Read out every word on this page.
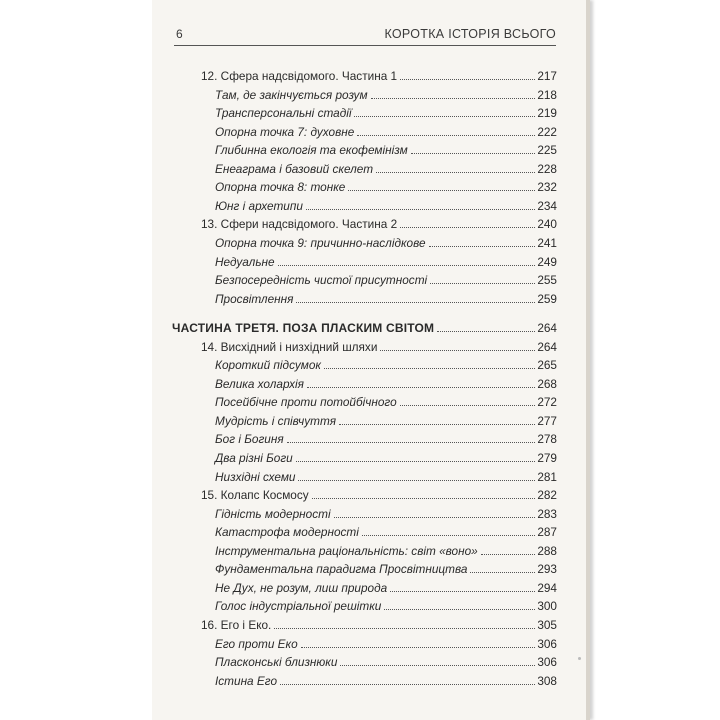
6	КОРОТКА ІСТОРІЯ ВСЬОГО
12. Сфера надсвідомого. Частина 1	217
Там, де закінчується розум	218
Трансперсональні стадії	219
Опорна точка 7: духовне	222
Глибинна екологія та екофемінізм	225
Енеаграма і базовий скелет	228
Опорна точка 8: тонке	232
Юнг і архетипи	234
13. Сфери надсвідомого. Частина 2	240
Опорна точка 9: причинно-наслідкове	241
Недуальне	249
Безпосередність чистої присутності	255
Просвітлення	259
ЧАСТИНА ТРЕТЯ. ПОЗА ПЛАСКИМ СВІТОМ	264
14. Висхідний і низхідний шляхи	264
Короткий підсумок	265
Велика холархія	268
Посейбічне проти потойбічного	272
Мудрість і співчуття	277
Бог і Богиня	278
Два різні Боги	279
Низхідні схеми	281
15. Колапс Космосу	282
Гідність модерності	283
Катастрофа модерності	287
Інструментальна раціональність: світ «воно»	288
Фундаментальна парадигма Просвітництва	293
Не Дух, не розум, лиш природа	294
Голос індустріальної решітки	300
16. Его і Еко.	305
Его проти Еко	306
Пласконські близнюки	306
Істина Его	308
